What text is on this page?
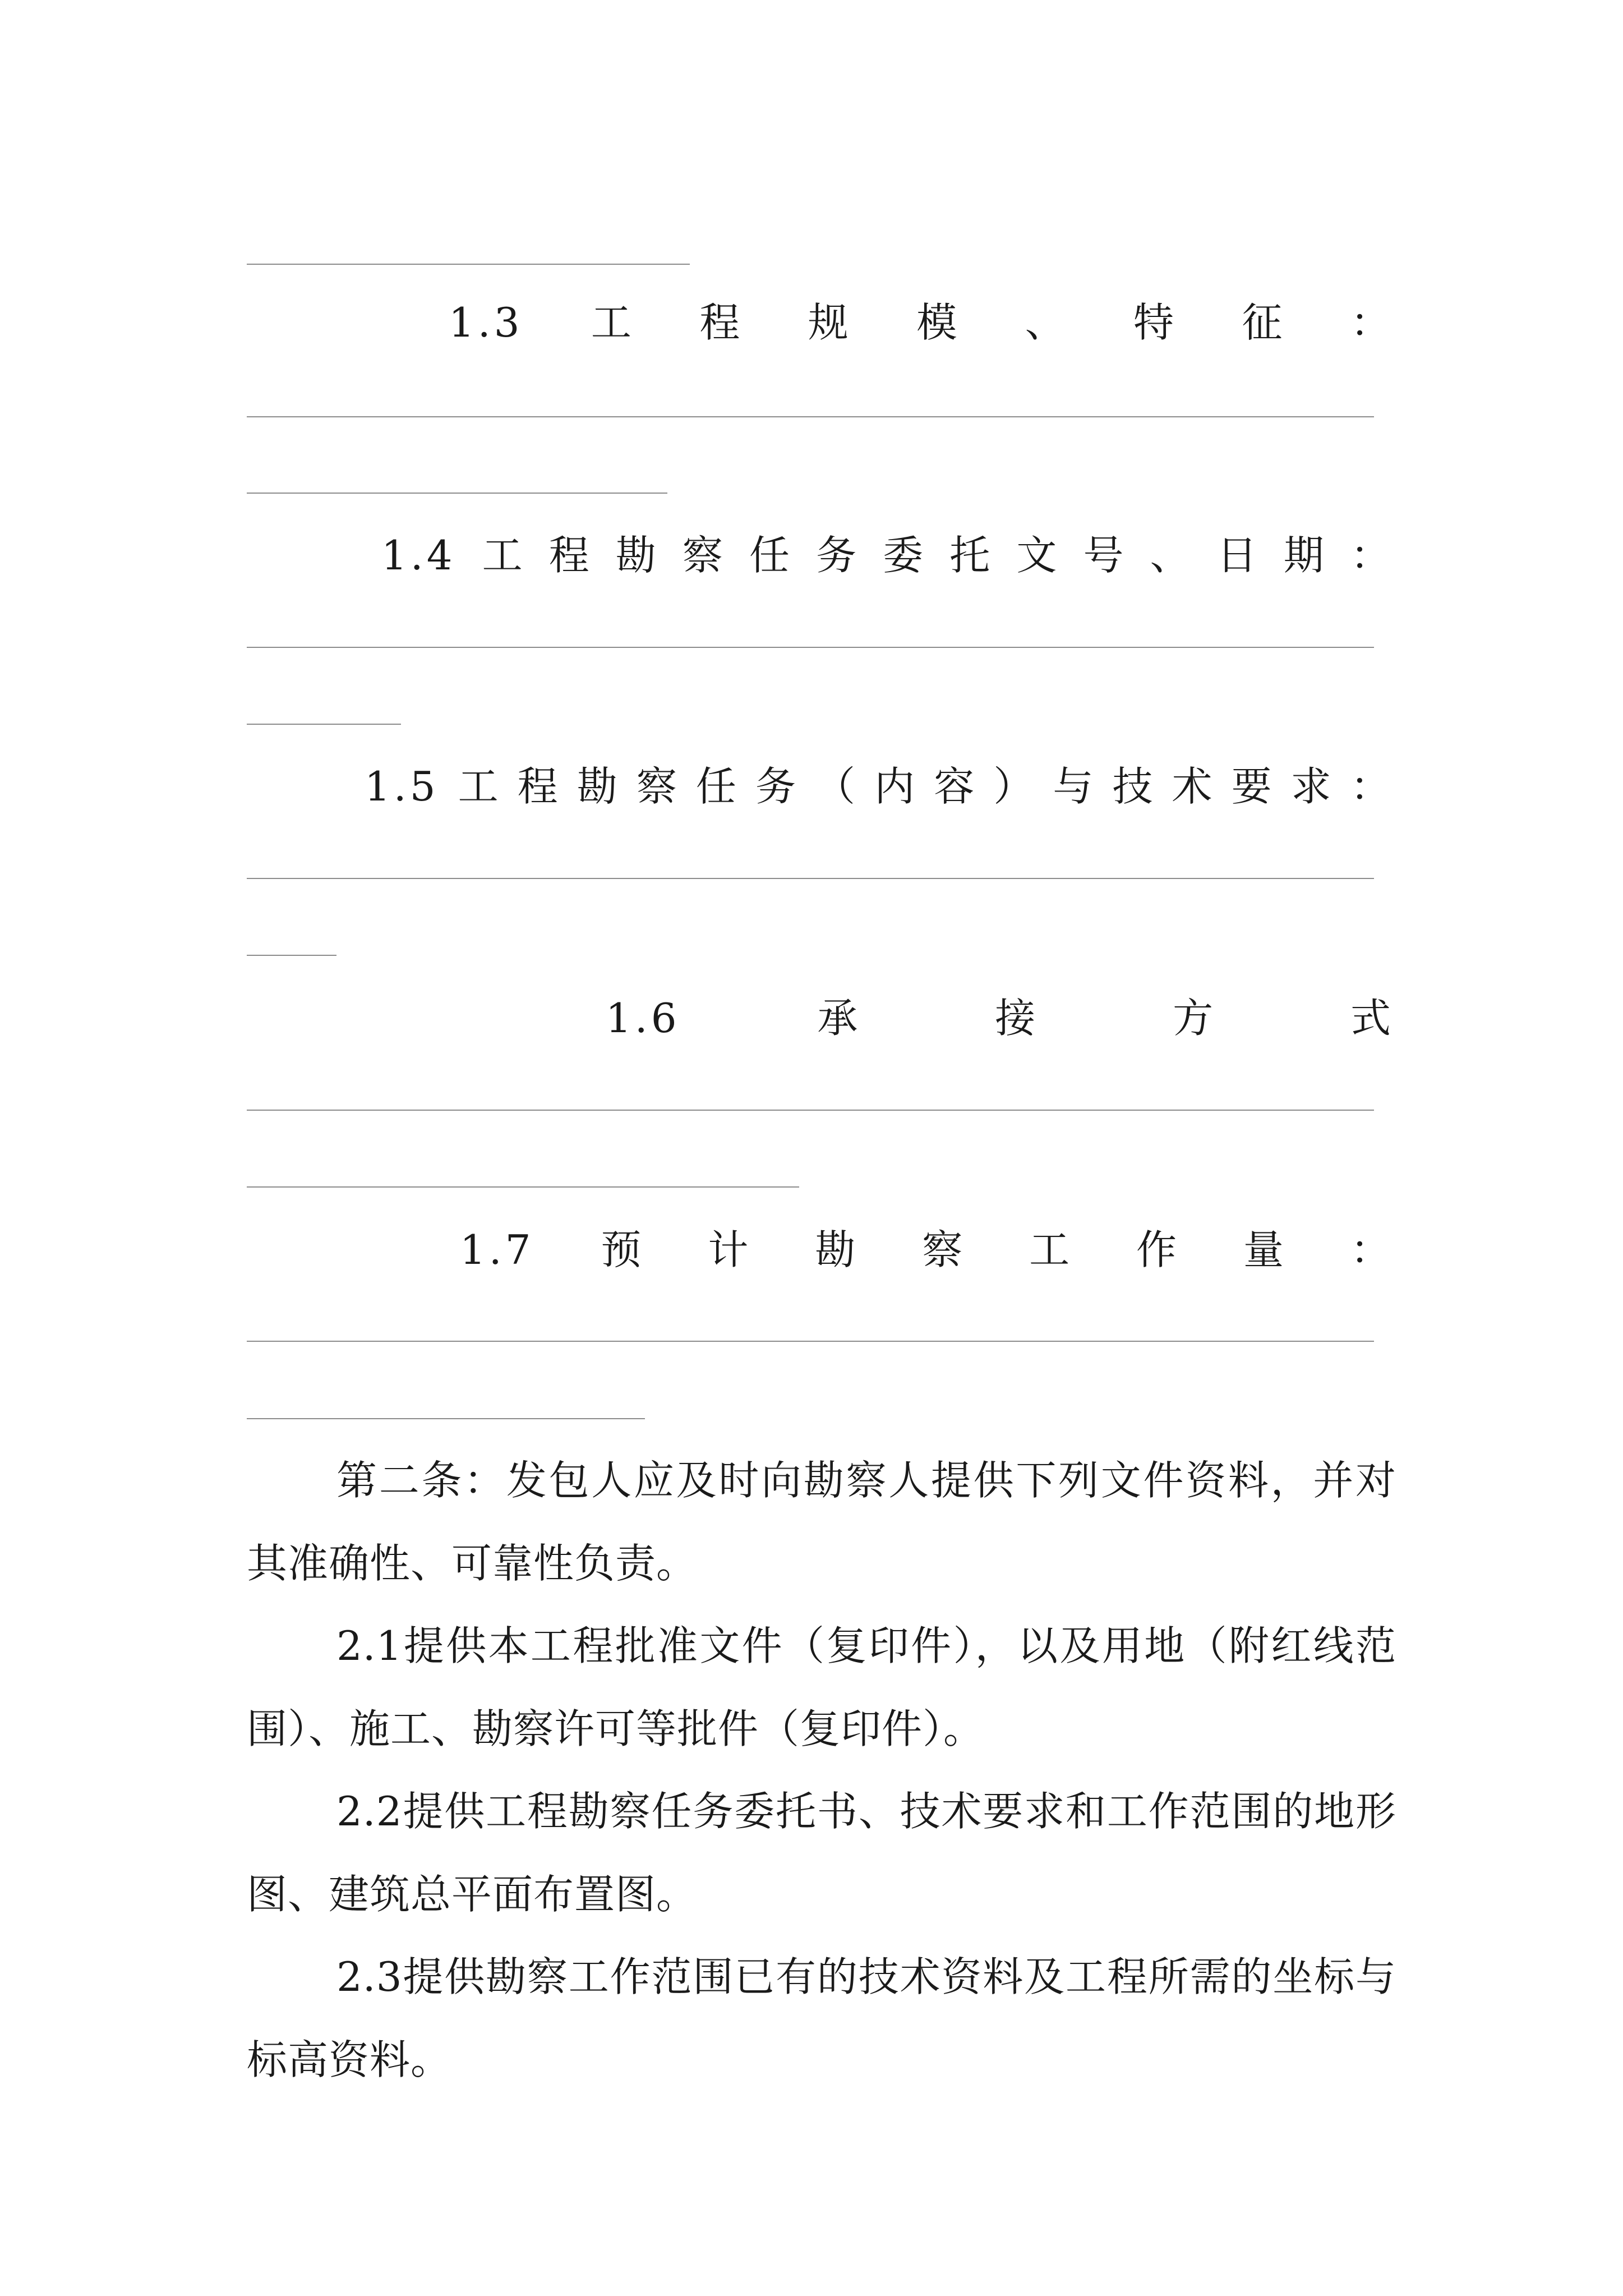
1.3 工 程 规 模 、 特 征 ：
1.4 工 程 勘 察 任 务 委 托 文 号 、 日 期 ：
1.5 工 程 勘 察 任 务 （ 内 容 ） 与 技 术 要 求 ：
1.6	承	接	方	式
1.7 预 计 勘 察 工 作 量 ：

第二条：发包人应及时向勘察人提供下列文件资料，并对其准确性、可靠性负责。

2.1提供本工程批准文件（复印件），以及用地（附红线范围）、施工、勘察许可等批件（复印件）。

2.2提供工程勘察任务委托书、技术要求和工作范围的地形图、建筑总平面布置图。

2.3提供勘察工作范围已有的技术资料及工程所需的坐标与标高资料。
